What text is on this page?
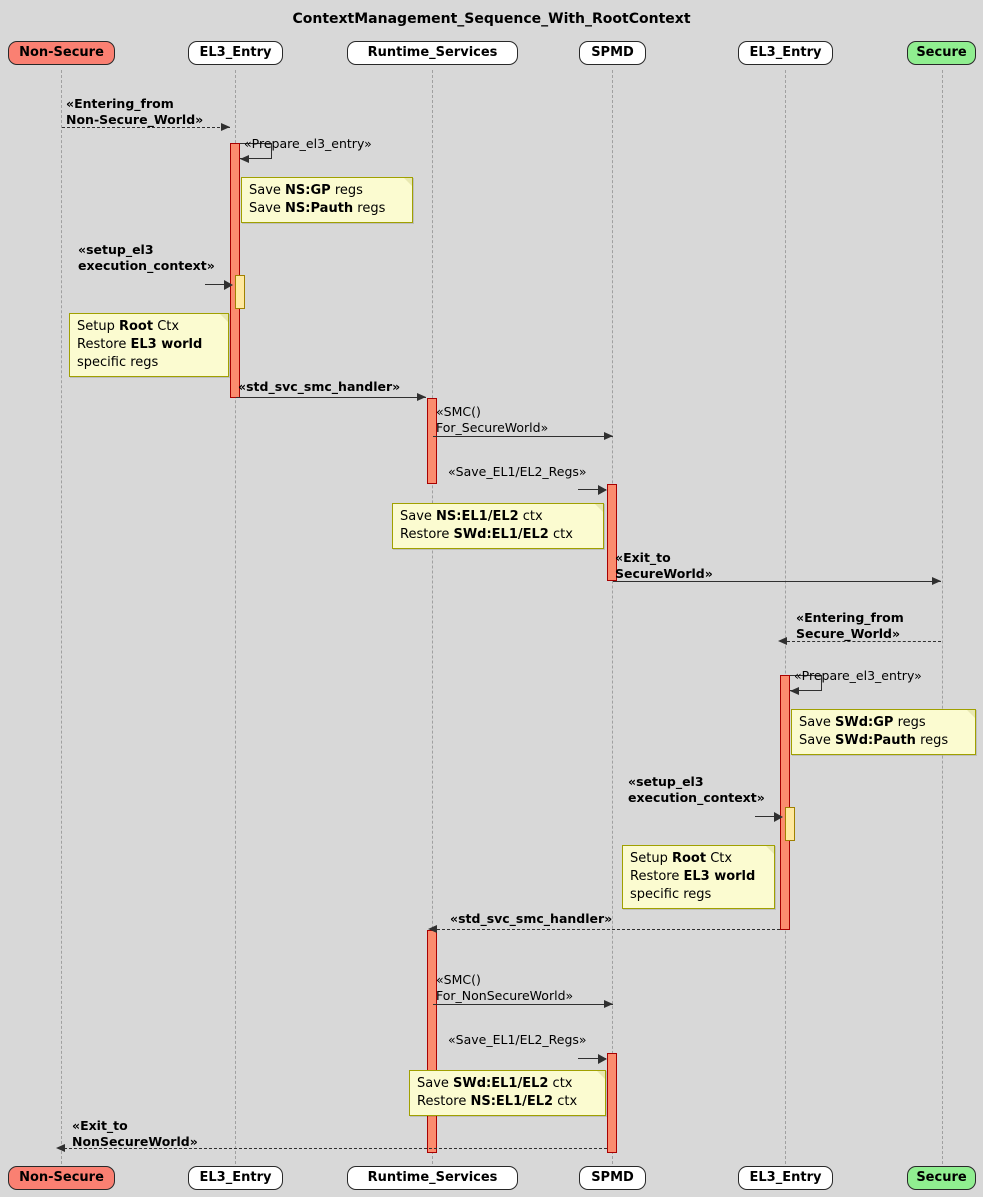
ContextManagement_Sequence_With_RootContext
Non-Secure	EL3_Entry	Runtime_Services	SPMD	EL3_Entry	Secure
Non-Secure	EL3_Entry	Runtime_Services	SPMD	EL3_Entry	Secure
«Entering_from
Non-Secure_World»
«Prepare_el3_entry»
Save NS:GP regs
Save NS:Pauth regs
«setup_el3
execution_context»
Setup Root Ctx
Restore EL3 world
specific regs
«std_svc_smc_handler»
«SMC()
For_SecureWorld»
«Save_EL1/EL2_Regs»
Save NS:EL1/EL2 ctx
Restore SWd:EL1/EL2 ctx
«Exit_to
SecureWorld»
«Entering_from
Secure_World»
«Prepare_el3_entry»
Save SWd:GP regs
Save SWd:Pauth regs
«setup_el3
execution_context»
Setup Root Ctx
Restore EL3 world
specific regs
«std_svc_smc_handler»
«SMC()
For_NonSecureWorld»
«Save_EL1/EL2_Regs»
Save SWd:EL1/EL2 ctx
Restore NS:EL1/EL2 ctx
«Exit_to
NonSecureWorld»
